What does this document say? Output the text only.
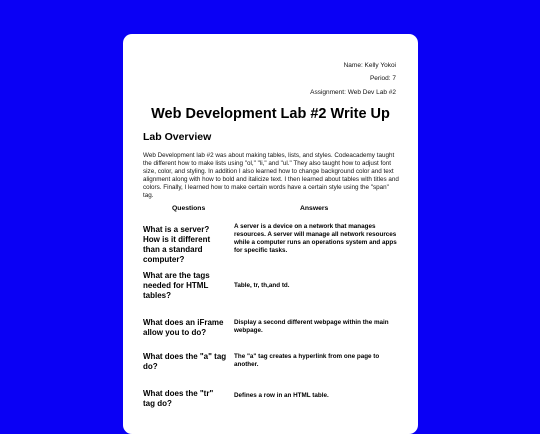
Name: Kelly Yokoi
Period: 7
Assignment: Web Dev Lab #2
Web Development Lab #2 Write Up
Lab Overview
Web Development lab #2 was about making tables, lists, and styles. Codeacademy taught the different how to make lists using "ol," "li," and "ul." They also taught how to adjust font size, color, and styling. In addition I also learned how to change background color and text alignment along with how to bold and italicize text. I then learned about tables with titles and colors. Finally, I learned how to make certain words have a certain style using the "span" tag.
Questions	Answers
What is a server? How is it different than a standard computer?
A server is a device on a network that manages resources. A server will manage all network resources while a computer runs an operations system and apps for specific tasks.
What are the tags needed for HTML tables?
Table, tr, th,and td.
What does an iFrame allow you to do?
Display a second different webpage within the main webpage.
What does the "a" tag do?
The "a" tag creates a hyperlink from one page to another.
What does the "tr" tag do?
Defines a row in an HTML table.
